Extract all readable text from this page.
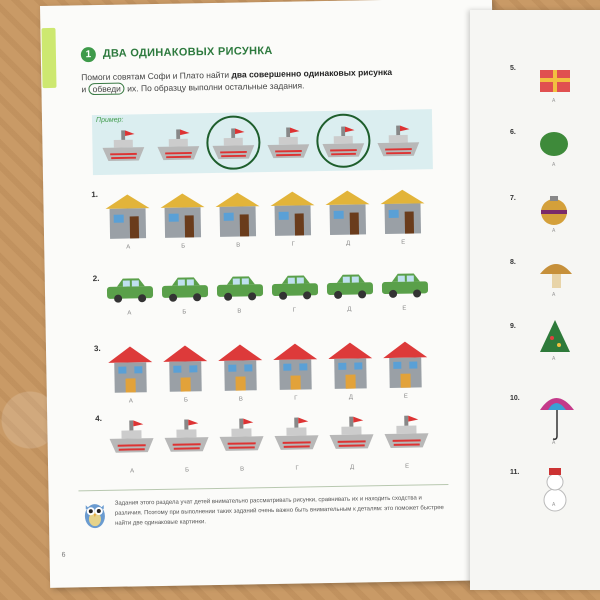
1	ДВА ОДИНАКОВЫХ РИСУНКА
Помоги совятам Софи и Плато найти два совершенно одинаковых рисунка
и обведи их. По образцу выполни остальные задания.
Пример:
1.
А	Б	В	Г	Д	Е
2.
А	Б	В	Г	Д	Е
3.
А	Б	В	Г	Д	Е
4.
А	Б	В	Г	Д	Е
Задания этого раздела учат детей внимательно рассматривать рисунки, сравнивать их и находить сходства и различия. Поэтому при выполнении таких заданий очень важно быть внимательным к деталям: это поможет быстрее найти две одинаковые картинки.
6
5.
А
6.
А
7.
А
8.
А
9.
А
10.
А
11.
А
